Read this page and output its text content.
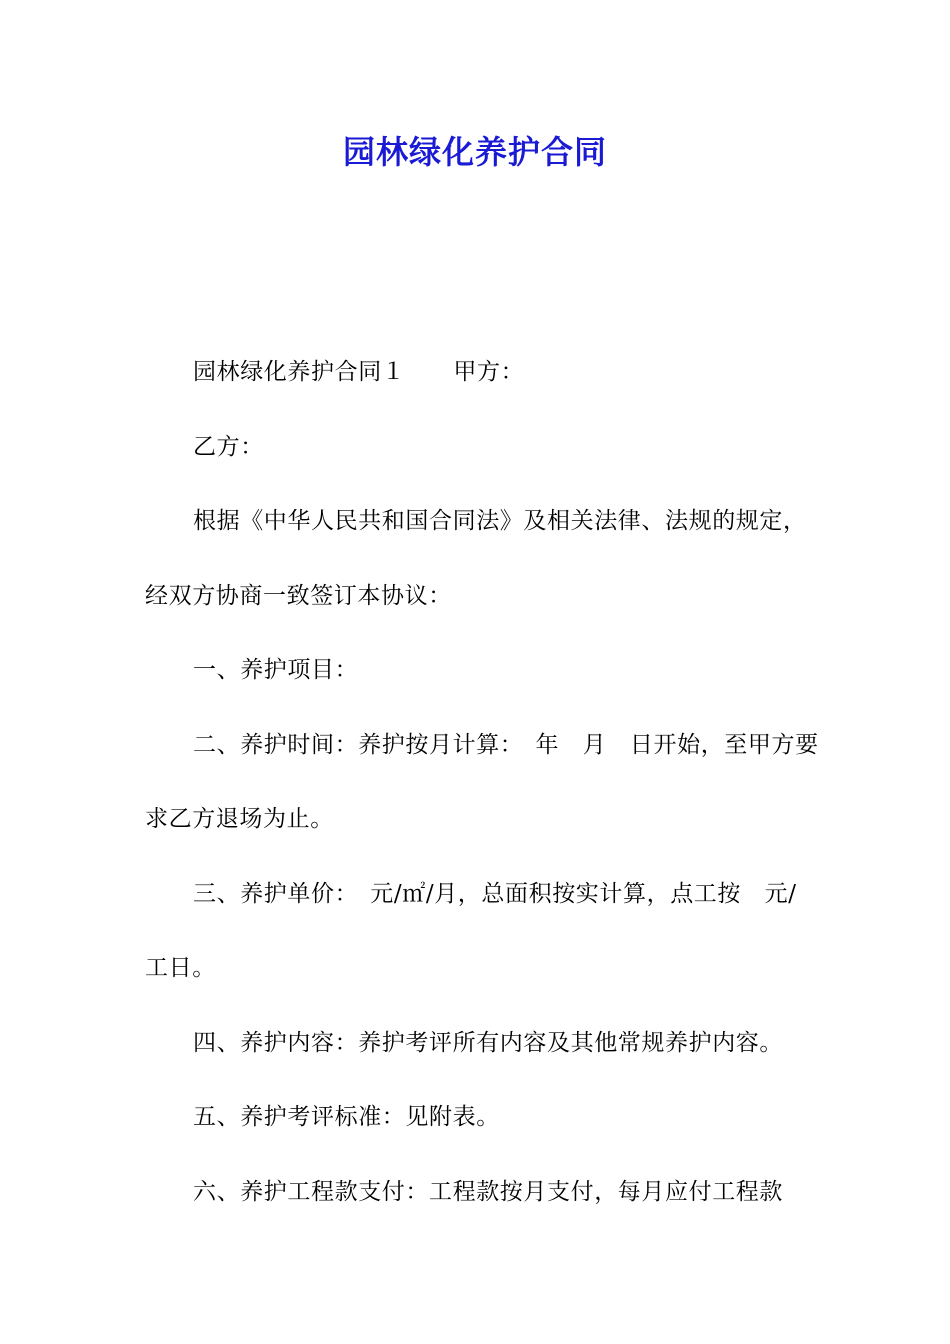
园林绿化养护合同

园林绿化养护合同１ 甲方：

乙方：

根据《中华人民共和国合同法》及相关法律、法规的规定，

经双方协商一致签订本协议：

一、养护项目：

二、养护时间：养护按月计算：　年　月　日开始，至甲方要

求乙方退场为止。

三、养护单价：　元/㎡/月，总面积按实计算，点工按　元/

工日。

四、养护内容：养护考评所有内容及其他常规养护内容。

五、养护考评标准：见附表。

六、养护工程款支付：工程款按月支付，每月应付工程款
